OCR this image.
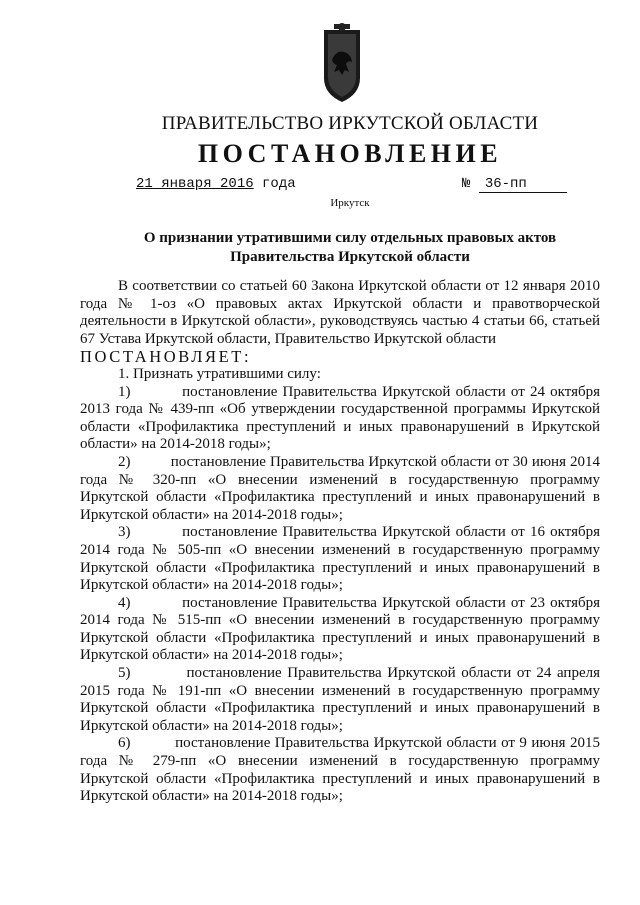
ПРАВИТЕЛЬСТВО ИРКУТСКОЙ ОБЛАСТИ
ПОСТАНОВЛЕНИЕ
21 января 2016 года	№ 36-пп
Иркутск
О признании утратившими силу отдельных правовых актов
Правительства Иркутской области

В соответствии со статьей 60 Закона Иркутской области от 12 января 2010 года № 1-оз «О правовых актах Иркутской области и правотворческой деятельности в Иркутской области», руководствуясь частью 4 статьи 66, статьей 67 Устава Иркутской области, Правительство Иркутской области

ПОСТАНОВЛЯЕТ:

1. Признать утратившими силу:

1)	постановление Правительства Иркутской области от 24 октября 2013 года № 439-пп «Об утверждении государственной программы Иркутской области «Профилактика преступлений и иных правонарушений в Иркутской области» на 2014-2018 годы»;

2)	постановление Правительства Иркутской области от 30 июня 2014 года № 320-пп «О внесении изменений в государственную программу Иркутской области «Профилактика преступлений и иных правонарушений в Иркутской области» на 2014-2018 годы»;

3)	постановление Правительства Иркутской области от 16 октября 2014 года № 505-пп «О внесении изменений в государственную программу Иркутской области «Профилактика преступлений и иных правонарушений в Иркутской области» на 2014-2018 годы»;

4)	постановление Правительства Иркутской области от 23 октября 2014 года № 515-пп «О внесении изменений в государственную программу Иркутской области «Профилактика преступлений и иных правонарушений в Иркутской области» на 2014-2018 годы»;

5)	постановление Правительства Иркутской области от 24 апреля 2015 года № 191-пп «О внесении изменений в государственную программу Иркутской области «Профилактика преступлений и иных правонарушений в Иркутской области» на 2014-2018 годы»;

6)	постановление Правительства Иркутской области от 9 июня 2015 года № 279-пп «О внесении изменений в государственную программу Иркутской области «Профилактика преступлений и иных правонарушений в Иркутской области» на 2014-2018 годы»;
